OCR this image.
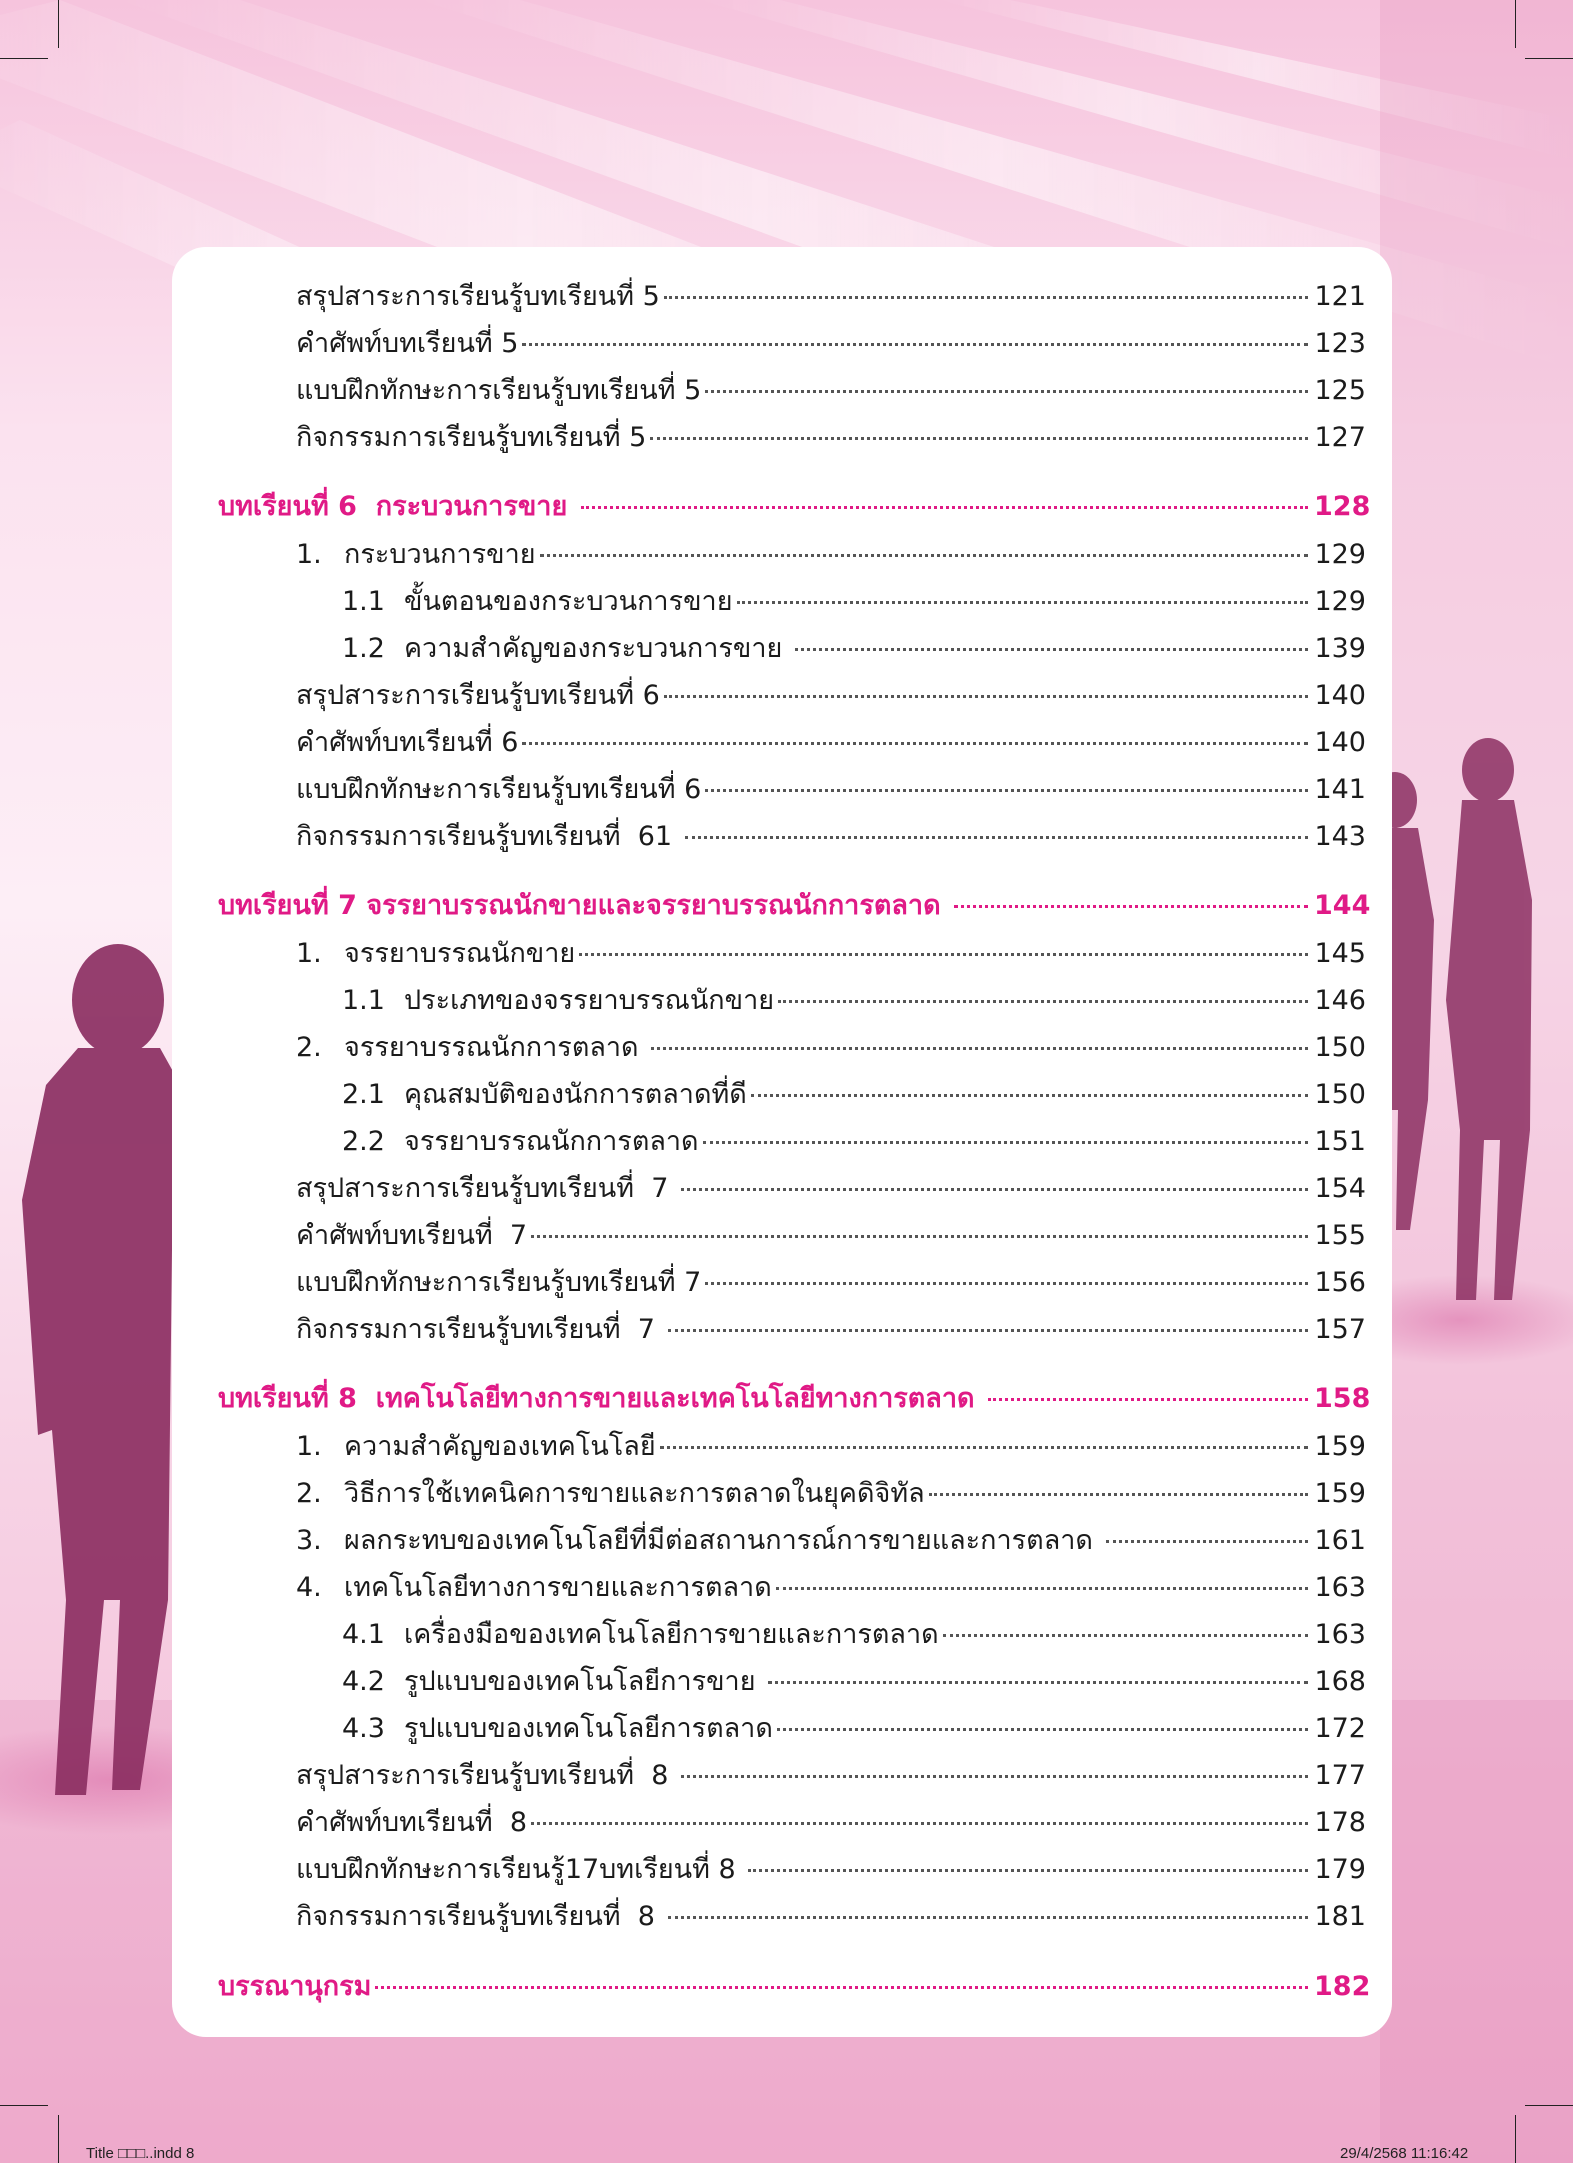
สรุปสาระการเรียนรู้บทเรียนที่ 5	121
คำศัพท์บทเรียนที่ 5	123
แบบฝึกทักษะการเรียนรู้บทเรียนที่ 5	125
กิจกรรมการเรียนรู้บทเรียนที่ 5	127
บทเรียนที่ 6  กระบวนการขาย	128
1. กระบวนการขาย	129
1.1 ขั้นตอนของกระบวนการขาย	129
1.2 ความสำคัญของกระบวนการขาย	139
สรุปสาระการเรียนรู้บทเรียนที่ 6	140
คำศัพท์บทเรียนที่ 6	140
แบบฝึกทักษะการเรียนรู้บทเรียนที่ 6	141
กิจกรรมการเรียนรู้บทเรียนที่  61	143
บทเรียนที่ 7 จรรยาบรรณนักขายและจรรยาบรรณนักการตลาด	144
1. จรรยาบรรณนักขาย	145
1.1 ประเภทของจรรยาบรรณนักขาย	146
2. จรรยาบรรณนักการตลาด	150
2.1 คุณสมบัติของนักการตลาดที่ดี	150
2.2 จรรยาบรรณนักการตลาด	151
สรุปสาระการเรียนรู้บทเรียนที่  7	154
คำศัพท์บทเรียนที่  7	155
แบบฝึกทักษะการเรียนรู้บทเรียนที่ 7	156
กิจกรรมการเรียนรู้บทเรียนที่  7	157
บทเรียนที่ 8  เทคโนโลยีทางการขายและเทคโนโลยีทางการตลาด	158
1. ความสำคัญของเทคโนโลยี	159
2. วิธีการใช้เทคนิคการขายและการตลาดในยุคดิจิทัล	159
3. ผลกระทบของเทคโนโลยีที่มีต่อสถานการณ์การขายและการตลาด	161
4. เทคโนโลยีทางการขายและการตลาด	163
4.1 เครื่องมือของเทคโนโลยีการขายและการตลาด	163
4.2 รูปแบบของเทคโนโลยีการขาย	168
4.3 รูปแบบของเทคโนโลยีการตลาด	172
สรุปสาระการเรียนรู้บทเรียนที่  8	177
คำศัพท์บทเรียนที่  8	178
แบบฝึกทักษะการเรียนรู้17บทเรียนที่ 8	179
กิจกรรมการเรียนรู้บทเรียนที่  8	181
บรรณานุกรม	182
Title □□□..indd 8	29/4/2568 11:16:42
